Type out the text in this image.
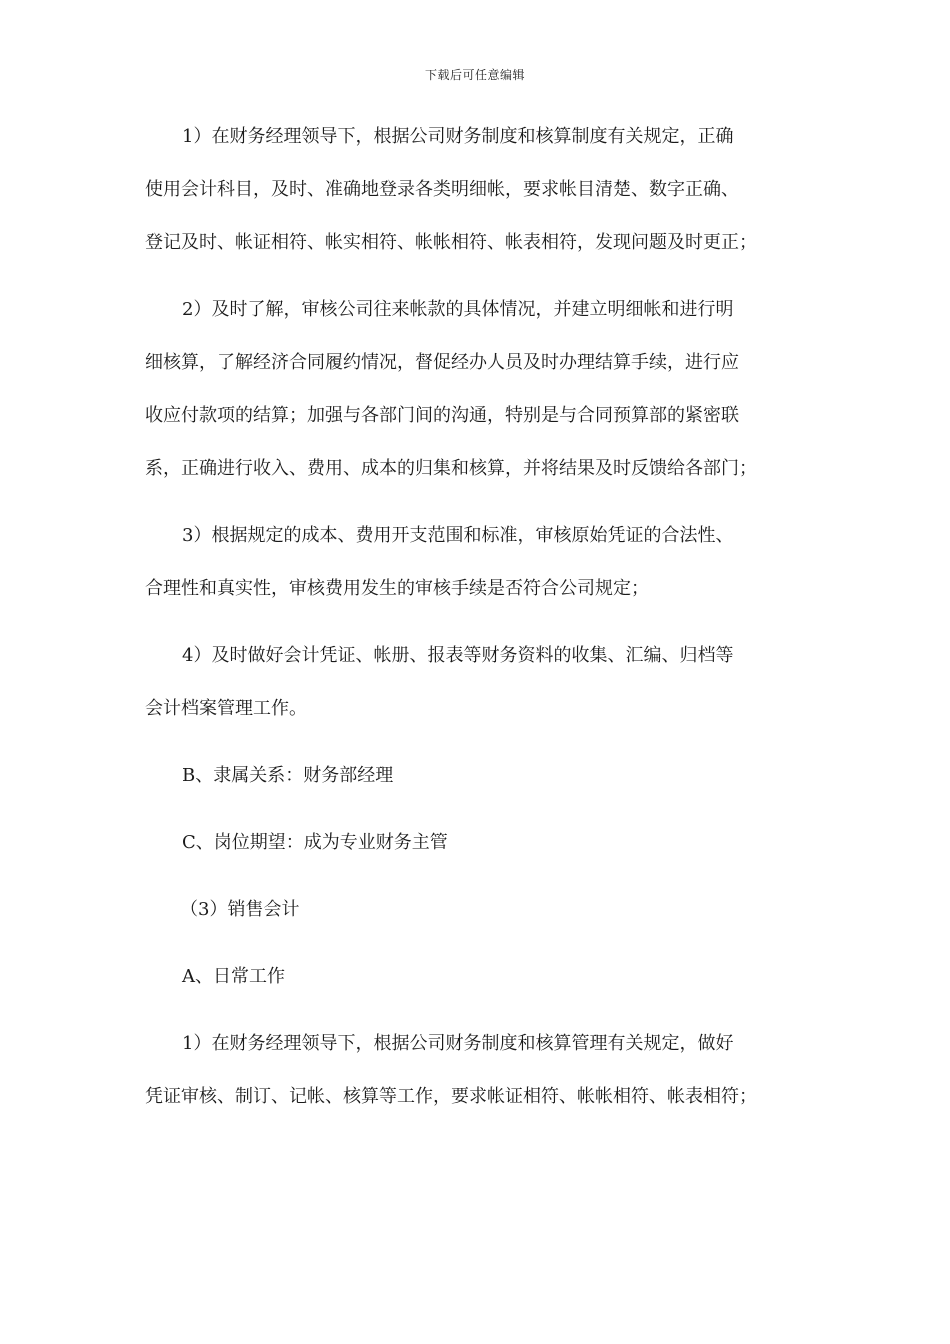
下载后可任意编辑
1）在财务经理领导下，根据公司财务制度和核算制度有关规定，正确
使用会计科目，及时、准确地登录各类明细帐，要求帐目清楚、数字正确、
登记及时、帐证相符、帐实相符、帐帐相符、帐表相符，发现问题及时更正；
2）及时了解，审核公司往来帐款的具体情况，并建立明细帐和进行明
细核算，了解经济合同履约情况，督促经办人员及时办理结算手续，进行应
收应付款项的结算；加强与各部门间的沟通，特别是与合同预算部的紧密联
系，正确进行收入、费用、成本的归集和核算，并将结果及时反馈给各部门；
3）根据规定的成本、费用开支范围和标准，审核原始凭证的合法性、
合理性和真实性，审核费用发生的审核手续是否符合公司规定；
4）及时做好会计凭证、帐册、报表等财务资料的收集、汇编、归档等
会计档案管理工作。
B、隶属关系：财务部经理
C、岗位期望：成为专业财务主管
（3）销售会计
A、日常工作
1）在财务经理领导下，根据公司财务制度和核算管理有关规定，做好
凭证审核、制订、记帐、核算等工作，要求帐证相符、帐帐相符、帐表相符；
